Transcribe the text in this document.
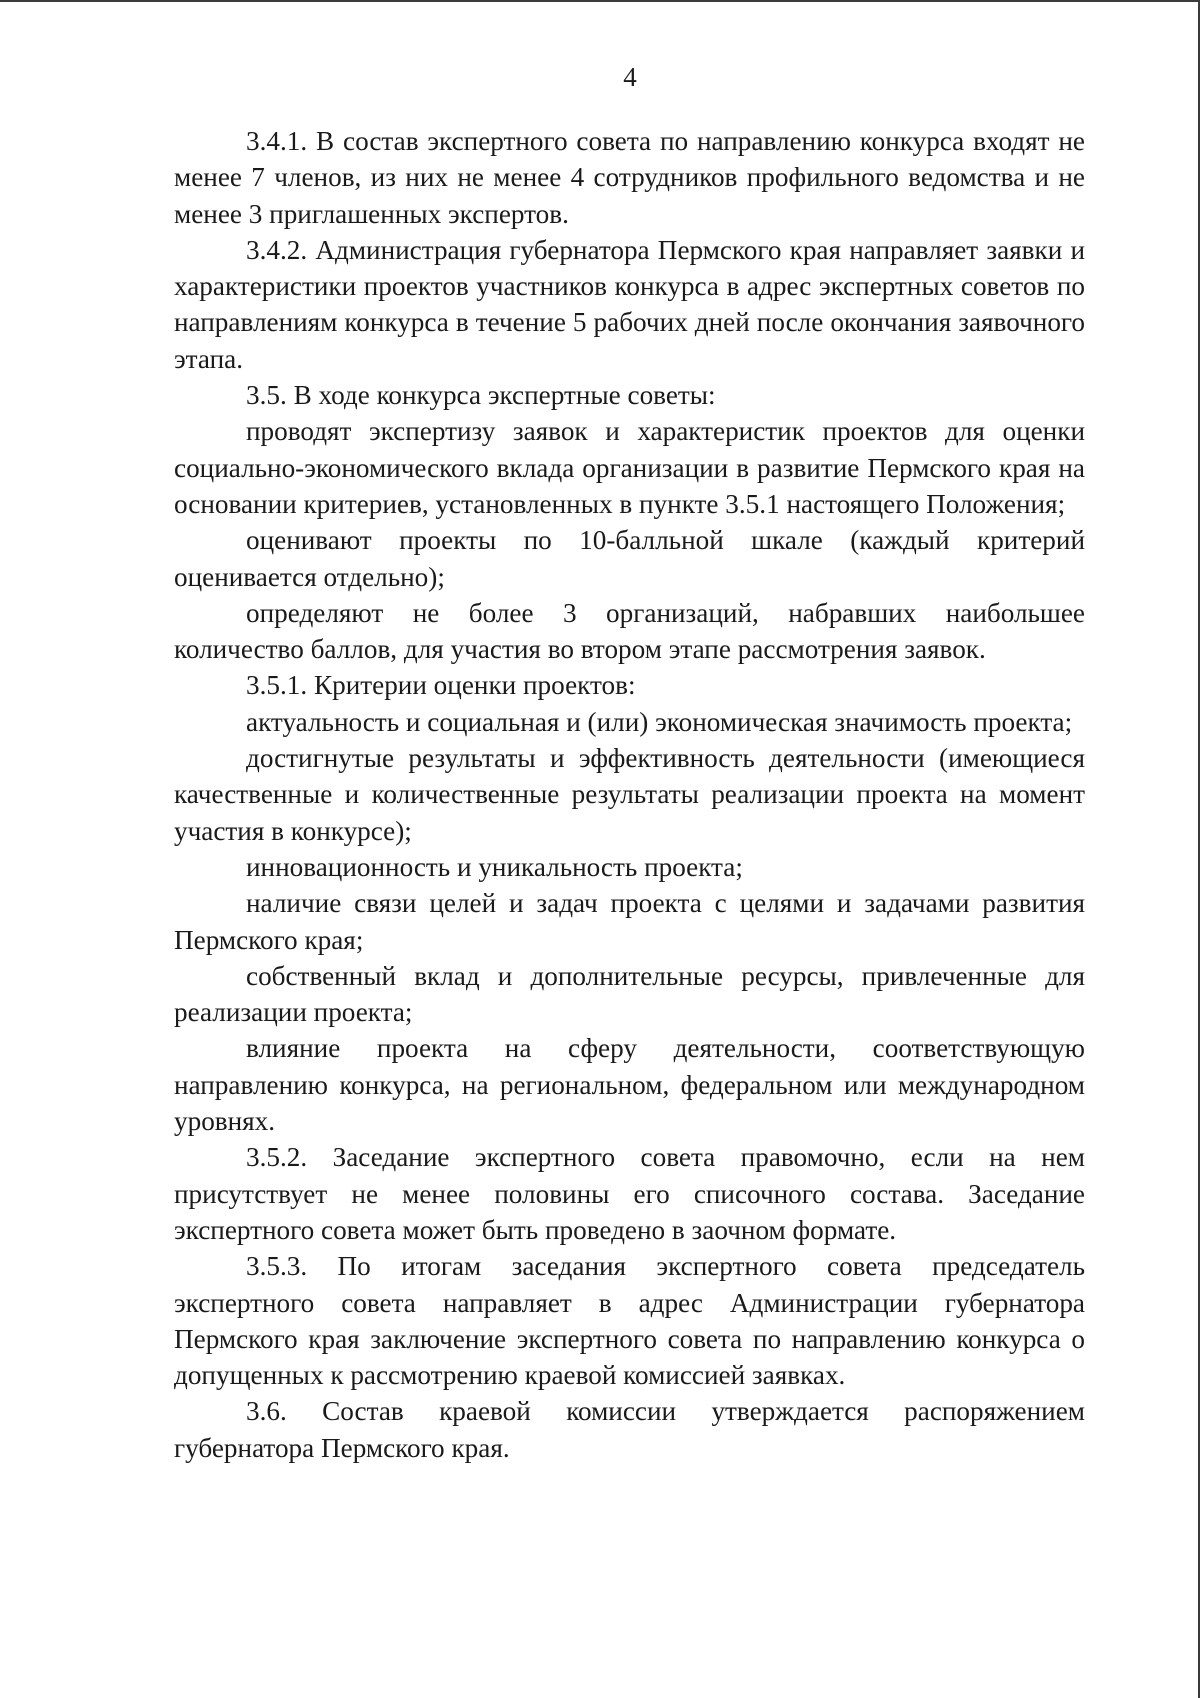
4

3.4.1. В состав экспертного совета по направлению конкурса входят не менее 7 членов, из них не менее 4 сотрудников профильного ведомства и не менее 3 приглашенных экспертов.

3.4.2. Администрация губернатора Пермского края направляет заявки и характеристики проектов участников конкурса в адрес экспертных советов по направлениям конкурса в течение 5 рабочих дней после окончания заявочного этапа.

3.5. В ходе конкурса экспертные советы:

проводят экспертизу заявок и характеристик проектов для оценки социально-экономического вклада организации в развитие Пермского края на основании критериев, установленных в пункте 3.5.1 настоящего Положения;

оценивают проекты по 10-балльной шкале (каждый критерий оценивается отдельно);

определяют не более 3 организаций, набравших наибольшее количество баллов, для участия во втором этапе рассмотрения заявок.

3.5.1. Критерии оценки проектов:

актуальность и социальная и (или) экономическая значимость проекта;

достигнутые результаты и эффективность деятельности (имеющиеся качественные и количественные результаты реализации проекта на момент участия в конкурсе);

инновационность и уникальность проекта;

наличие связи целей и задач проекта с целями и задачами развития Пермского края;

собственный вклад и дополнительные ресурсы, привлеченные для реализации проекта;

влияние проекта на сферу деятельности, соответствующую направлению конкурса, на региональном, федеральном или международном уровнях.

3.5.2. Заседание экспертного совета правомочно, если на нем присутствует не менее половины его списочного состава. Заседание экспертного совета может быть проведено в заочном формате.

3.5.3. По итогам заседания экспертного совета председатель экспертного совета направляет в адрес Администрации губернатора Пермского края заключение экспертного совета по направлению конкурса о допущенных к рассмотрению краевой комиссией заявках.

3.6. Состав краевой комиссии утверждается распоряжением губернатора Пермского края.
